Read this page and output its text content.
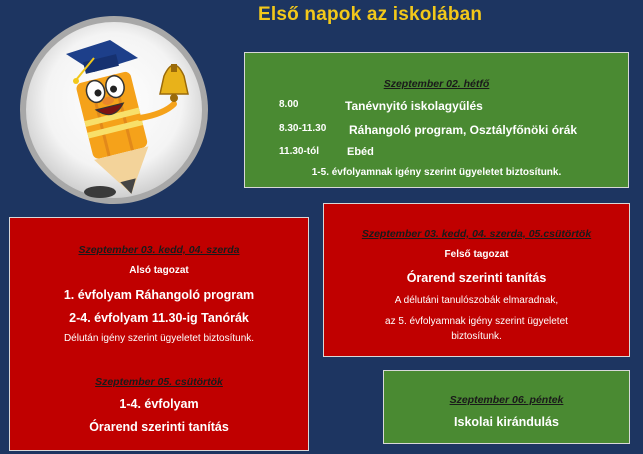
Első napok az iskolában
Szeptember 02. hétfő
8.00	Tanévnyitó iskolagyűlés
8.30-11.30 Ráhangoló program, Osztályfőnöki órák
11.30-tól	Ebéd
1-5. évfolyamnak igény szerint ügyeletet biztosítunk.
Szeptember 03. kedd, 04. szerda
Alsó tagozat
1. évfolyam Ráhangoló program
2-4. évfolyam 11.30-ig Tanórák
Délután igény szerint ügyeletet biztosítunk.
Szeptember 05. csütörtök
1-4. évfolyam
Órarend szerinti tanítás
Szeptember 03. kedd, 04. szerda, 05.csütörtök
Felső tagozat
Órarend szerinti tanítás
A délutáni tanulószobák elmaradnak,
az 5. évfolyamnak igény szerint ügyeletet
biztosítunk.
Szeptember 06. péntek
Iskolai kirándulás
